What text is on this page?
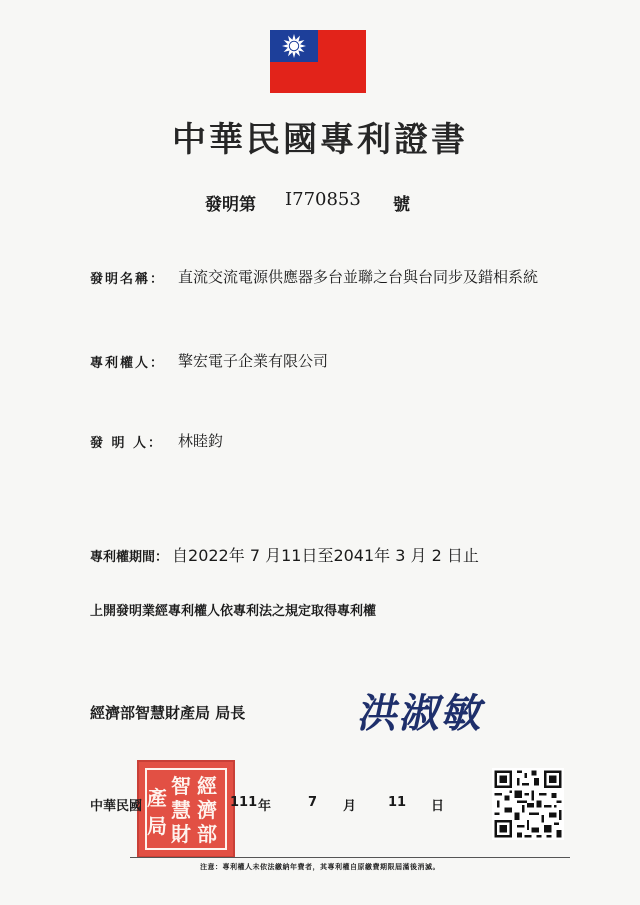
中華民國專利證書
發明第 I770853 號
發明名稱： 直流交流電源供應器多台並聯之台與台同步及錯相系統
專利權人： 擎宏電子企業有限公司
發 明 人： 林睦鈞
專利權期間： 自2022年 7 月11日至2041年 3 月 2 日止
上開發明業經專利權人依專利法之規定取得專利權
經濟部智慧財產局 局長	洪淑敏
經
濟
部
智
慧
財
產
局
中華民國	111 年	7 月 11 日
注意：專利權人未依法繳納年費者，其專利權自原繳費期限屆滿後消滅。
